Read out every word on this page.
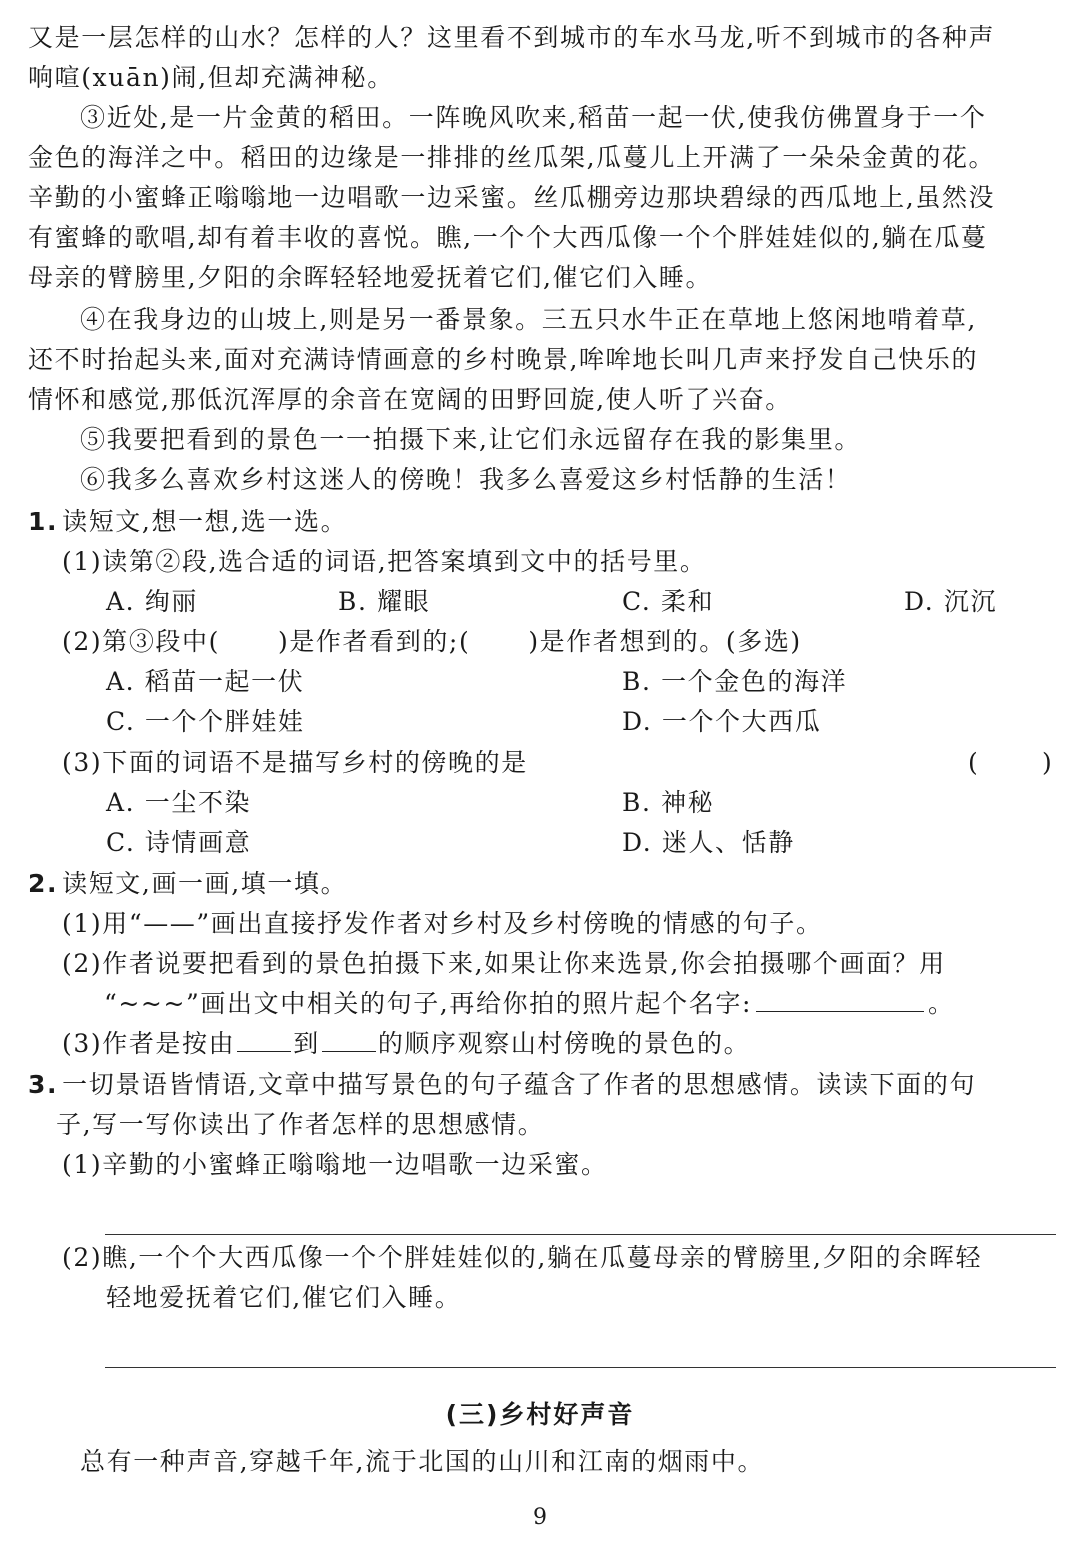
又是一层怎样的山水？怎样的人？这里看不到城市的车水马龙,听不到城市的各种声
响喧(xuān)闹,但却充满神秘。
③近处,是一片金黄的稻田。一阵晚风吹来,稻苗一起一伏,使我仿佛置身于一个
金色的海洋之中。稻田的边缘是一排排的丝瓜架,瓜蔓儿上开满了一朵朵金黄的花。
辛勤的小蜜蜂正嗡嗡地一边唱歌一边采蜜。丝瓜棚旁边那块碧绿的西瓜地上,虽然没
有蜜蜂的歌唱,却有着丰收的喜悦。瞧,一个个大西瓜像一个个胖娃娃似的,躺在瓜蔓
母亲的臂膀里,夕阳的余晖轻轻地爱抚着它们,催它们入睡。
④在我身边的山坡上,则是另一番景象。三五只水牛正在草地上悠闲地啃着草,
还不时抬起头来,面对充满诗情画意的乡村晚景,哞哞地长叫几声来抒发自己快乐的
情怀和感觉,那低沉浑厚的余音在宽阔的田野回旋,使人听了兴奋。
⑤我要把看到的景色一一拍摄下来,让它们永远留存在我的影集里。
⑥我多么喜欢乡村这迷人的傍晚！我多么喜爱这乡村恬静的生活！
1. 读短文,想一想,选一选。
(1)读第②段,选合适的词语,把答案填到文中的括号里。
A. 绚丽	B. 耀眼	C. 柔和	D. 沉沉
(2)第③段中( )是作者看到的;( )是作者想到的。(多选)
A. 稻苗一起一伏	B. 一个金色的海洋
C. 一个个胖娃娃	D. 一个个大西瓜
(3)下面的词语不是描写乡村的傍晚的是	(	)
A. 一尘不染	B. 神秘
C. 诗情画意	D. 迷人、恬静
2. 读短文,画一画,填一填。
(1)用“——”画出直接抒发作者对乡村及乡村傍晚的情感的句子。
(2)作者说要把看到的景色拍摄下来,如果让你来选景,你会拍摄哪个画面？用
“~~~”画出文中相关的句子,再给你拍的照片起个名字:	。
(3)作者是按由 到 的顺序观察山村傍晚的景色的。
3. 一切景语皆情语,文章中描写景色的句子蕴含了作者的思想感情。读读下面的句
子,写一写你读出了作者怎样的思想感情。
(1)辛勤的小蜜蜂正嗡嗡地一边唱歌一边采蜜。
(2)瞧,一个个大西瓜像一个个胖娃娃似的,躺在瓜蔓母亲的臂膀里,夕阳的余晖轻
轻地爱抚着它们,催它们入睡。
(三)乡村好声音
总有一种声音,穿越千年,流于北国的山川和江南的烟雨中。
9
